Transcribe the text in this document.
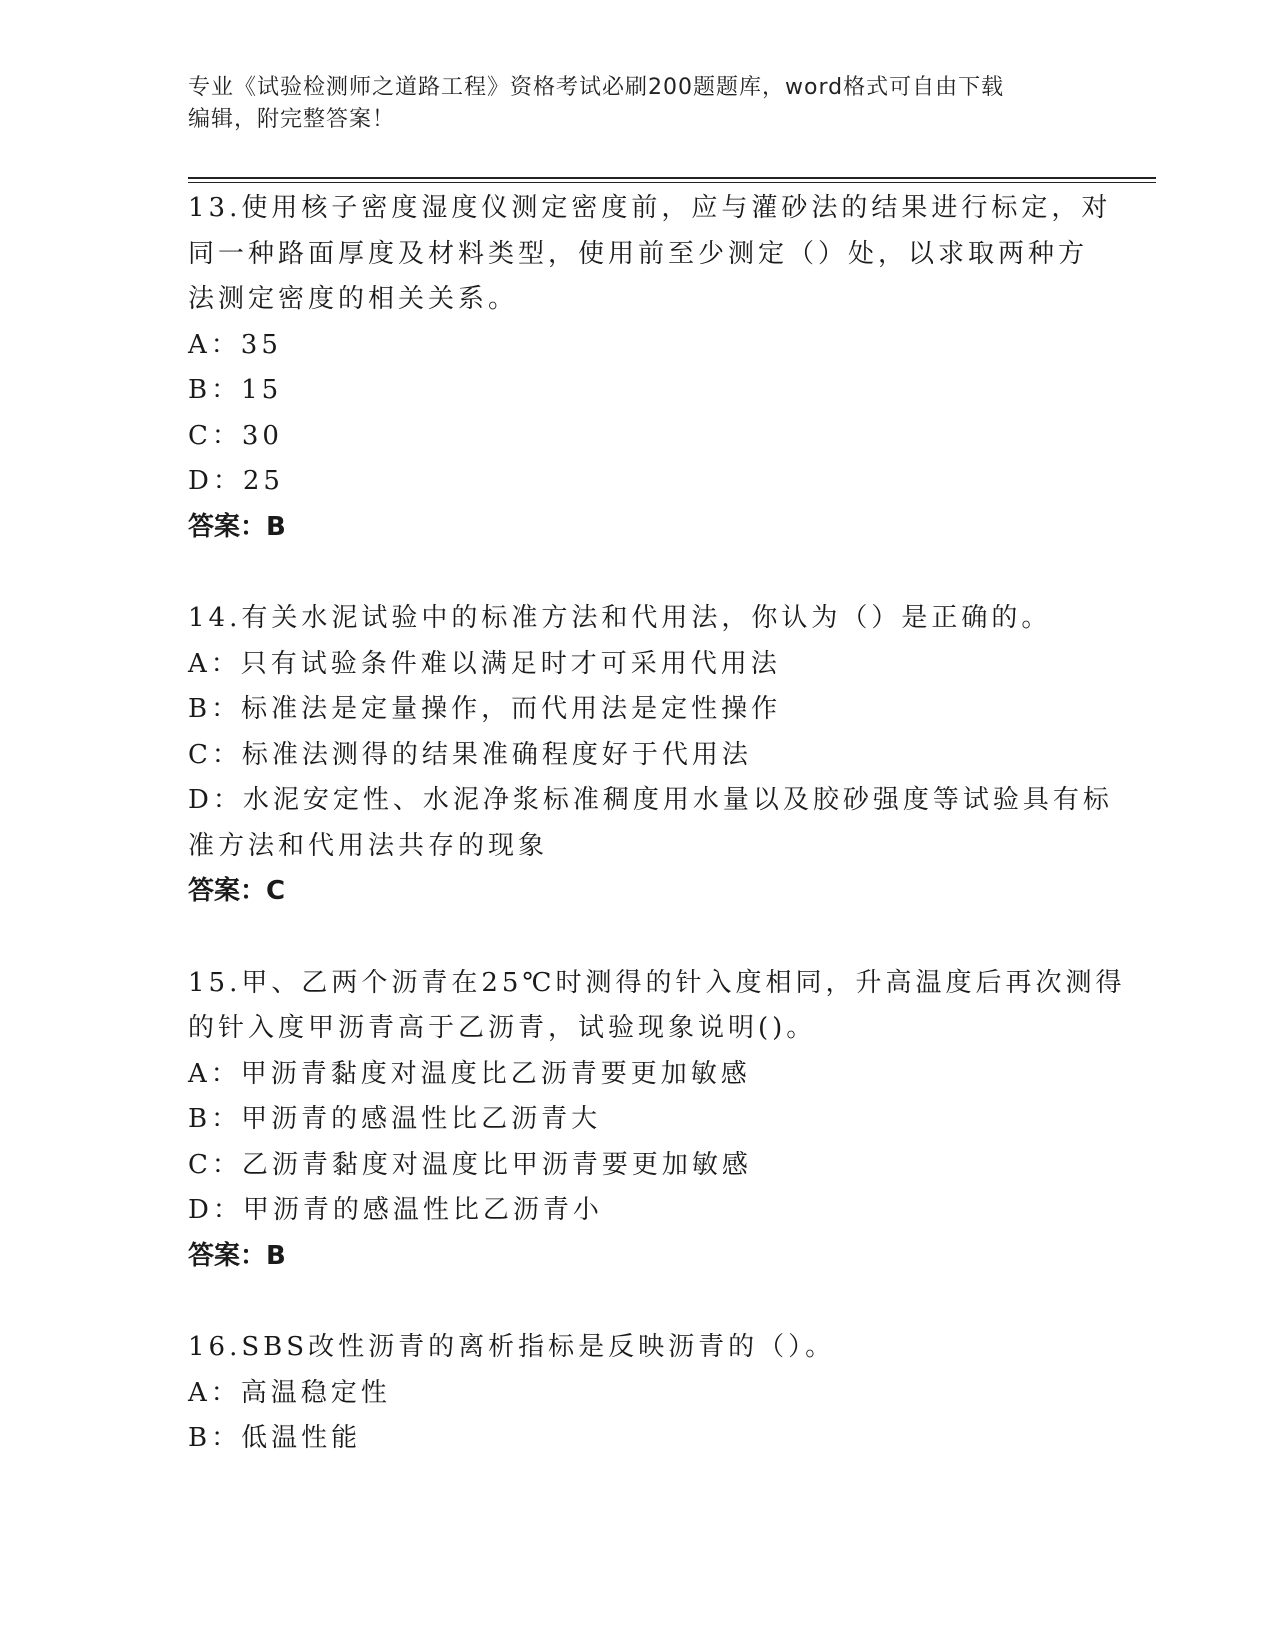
专业《试验检测师之道路工程》资格考试必刷200题题库，word格式可自由下载
编辑，附完整答案！
13.使用核子密度湿度仪测定密度前，应与灌砂法的结果进行标定，对
同一种路面厚度及材料类型，使用前至少测定（）处，以求取两种方
法测定密度的相关关系。
A：35
B：15
C：30
D：25
答案：B
14.有关水泥试验中的标准方法和代用法，你认为（）是正确的。
A：只有试验条件难以满足时才可采用代用法
B：标准法是定量操作，而代用法是定性操作
C：标准法测得的结果准确程度好于代用法
D：水泥安定性、水泥净浆标准稠度用水量以及胶砂强度等试验具有标
准方法和代用法共存的现象
答案：C
15.甲、乙两个沥青在25℃时测得的针入度相同，升高温度后再次测得
的针入度甲沥青高于乙沥青，试验现象说明()。
A：甲沥青黏度对温度比乙沥青要更加敏感
B：甲沥青的感温性比乙沥青大
C：乙沥青黏度对温度比甲沥青要更加敏感
D：甲沥青的感温性比乙沥青小
答案：B
16.SBS改性沥青的离析指标是反映沥青的（）。
A：高温稳定性
B：低温性能
